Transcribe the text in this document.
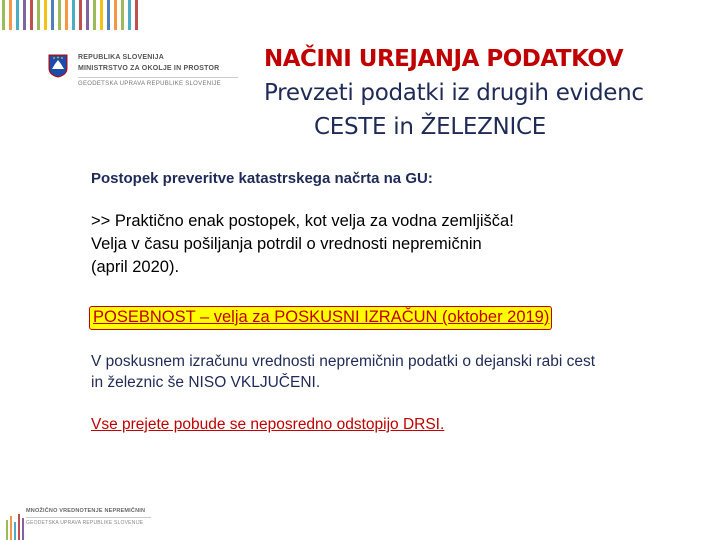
REPUBLIKA SLOVENIJA
MINISTRSTVO ZA OKOLJE IN PROSTOR
GEODETSKA UPRAVA REPUBLIKE SLOVENIJE
NAČINI UREJANJA PODATKOV
Prevzeti podatki iz drugih evidenc
CESTE in ŽELEZNICE
Postopek preveritve katastrskega načrta na GU:
>> Praktično enak postopek, kot velja za vodna zemljišča!
Velja v času pošiljanja potrdil o vrednosti nepremičnin
(april 2020).
POSEBNOST – velja za POSKUSNI IZRAČUN (oktober 2019)
V poskusnem izračunu vrednosti nepremičnin podatki o dejanski rabi cest
in železnic še NISO VKLJUČENI.
Vse prejete pobude se neposredno odstopijo DRSI.
MNOŽIČNO VREDNOTENJE NEPREMIČNIN
GEODETSKA UPRAVA REPUBLIKE SLOVENIJE
